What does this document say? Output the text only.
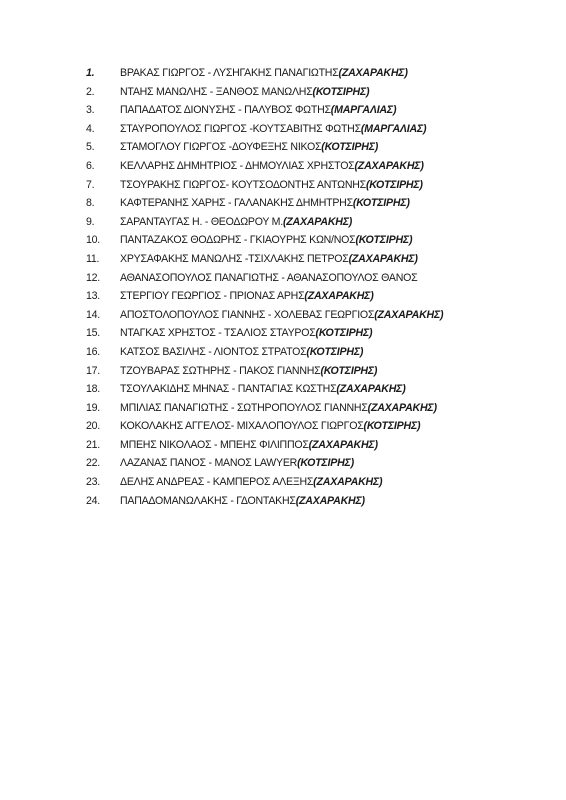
1.	ΒΡΑΚΑΣ ΓΙΩΡΓΟΣ - ΛΥΣΗΓΑΚΗΣ ΠΑΝΑΓΙΩΤΗΣ (ΖΑΧΑΡΑΚΗΣ)
2.	ΝΤΑΗΣ ΜΑΝΩΛΗΣ - ΞΑΝΘΟΣ ΜΑΝΩΛΗΣ (ΚΟΤΣΙΡΗΣ)
3.	ΠΑΠΑΔΑΤΟΣ ΔΙΟΝΥΣΗΣ - ΠΑΛΥΒΟΣ ΦΩΤΗΣ (ΜΑΡΓΑΛΙΑΣ)
4.	ΣΤΑΥΡΟΠΟΥΛΟΣ ΓΙΩΡΓΟΣ -ΚΟΥΤΣΑΒΙΤΗΣ ΦΩΤΗΣ (ΜΑΡΓΑΛΙΑΣ)
5.	ΣΤΑΜΟΓΛΟΥ ΓΙΩΡΓΟΣ -ΔΟΥΦΕΞΗΣ ΝΙΚΟΣ (ΚΟΤΣΙΡΗΣ)
6.	ΚΕΛΛΑΡΗΣ ΔΗΜΗΤΡΙΟΣ - ΔΗΜΟΥΛΙΑΣ ΧΡΗΣΤΟΣ (ΖΑΧΑΡΑΚΗΣ)
7.	ΤΣΟΥΡΑΚΗΣ ΓΙΩΡΓΟΣ- ΚΟΥΤΣΟΔΟΝΤΗΣ ΑΝΤΩΝΗΣ (ΚΟΤΣΙΡΗΣ)
8.	ΚΑΦΤΕΡΑΝΗΣ ΧΑΡΗΣ - ΓΑΛΑΝΑΚΗΣ ΔΗΜΗΤΡΗΣ (ΚΟΤΣΙΡΗΣ)
9.	ΣΑΡΑΝΤΑΥΓΑΣ Η. - ΘΕΟΔΩΡΟΥ Μ. (ΖΑΧΑΡΑΚΗΣ)
10.	ΠΑΝΤΑΖΑΚΟΣ ΘΟΔΩΡΗΣ - ΓΚΙΑΟΥΡΗΣ ΚΩΝ/ΝΟΣ (ΚΟΤΣΙΡΗΣ)
11.	ΧΡΥΣΑΦΑΚΗΣ ΜΑΝΩΛΗΣ -ΤΣΙΧΛΑΚΗΣ ΠΕΤΡΟΣ (ΖΑΧΑΡΑΚΗΣ)
12.	ΑΘΑΝΑΣΟΠΟΥΛΟΣ ΠΑΝΑΓΙΩΤΗΣ - ΑΘΑΝΑΣΟΠΟΥΛΟΣ ΘΑΝΟΣ
13.	ΣΤΕΡΓΙΟΥ ΓΕΩΡΓΙΟΣ - ΠΡΙΟΝΑΣ ΑΡΗΣ (ΖΑΧΑΡΑΚΗΣ)
14.	ΑΠΟΣΤΟΛΟΠΟΥΛΟΣ ΓΙΑΝΝΗΣ - ΧΟΛΕΒΑΣ ΓΕΩΡΓΙΟΣ (ΖΑΧΑΡΑΚΗΣ)
15.	ΝΤΑΓΚΑΣ ΧΡΗΣΤΟΣ - ΤΣΑΛΙΟΣ ΣΤΑΥΡΟΣ (ΚΟΤΣΙΡΗΣ)
16.	ΚΑΤΣΟΣ ΒΑΣΙΛΗΣ - ΛΙΟΝΤΟΣ ΣΤΡΑΤΟΣ (ΚΟΤΣΙΡΗΣ)
17.	ΤΖΟΥΒΑΡΑΣ ΣΩΤΗΡΗΣ - ΠΑΚΟΣ ΓΙΑΝΝΗΣ (ΚΟΤΣΙΡΗΣ)
18.	ΤΣΟΥΛΑΚΙΔΗΣ ΜΗΝΑΣ - ΠΑΝΤΑΓΙΑΣ ΚΩΣΤΗΣ (ΖΑΧΑΡΑΚΗΣ)
19.	ΜΠΙΛΙΑΣ ΠΑΝΑΓΙΩΤΗΣ - ΣΩΤΗΡΟΠΟΥΛΟΣ ΓΙΑΝΝΗΣ (ΖΑΧΑΡΑΚΗΣ)
20.	ΚΟΚΟΛΑΚΗΣ ΑΓΓΕΛΟΣ- ΜΙΧΑΛΟΠΟΥΛΟΣ ΓΙΩΡΓΟΣ (ΚΟΤΣΙΡΗΣ)
21.	ΜΠΕΗΣ ΝΙΚΟΛΑΟΣ - ΜΠΕΗΣ ΦΙΛΙΠΠΟΣ (ΖΑΧΑΡΑΚΗΣ)
22.	ΛΑΖΑΝΑΣ ΠΑΝΟΣ - ΜΑΝΟΣ LAWYER (ΚΟΤΣΙΡΗΣ)
23.	ΔΕΛΗΣ ΑΝΔΡΕΑΣ - ΚΑΜΠΕΡΟΣ ΑΛΕΞΗΣ (ΖΑΧΑΡΑΚΗΣ)
24.	ΠΑΠΑΔΟΜΑΝΩΛΑΚΗΣ - ΓΔΟΝΤΑΚΗΣ (ΖΑΧΑΡΑΚΗΣ)
